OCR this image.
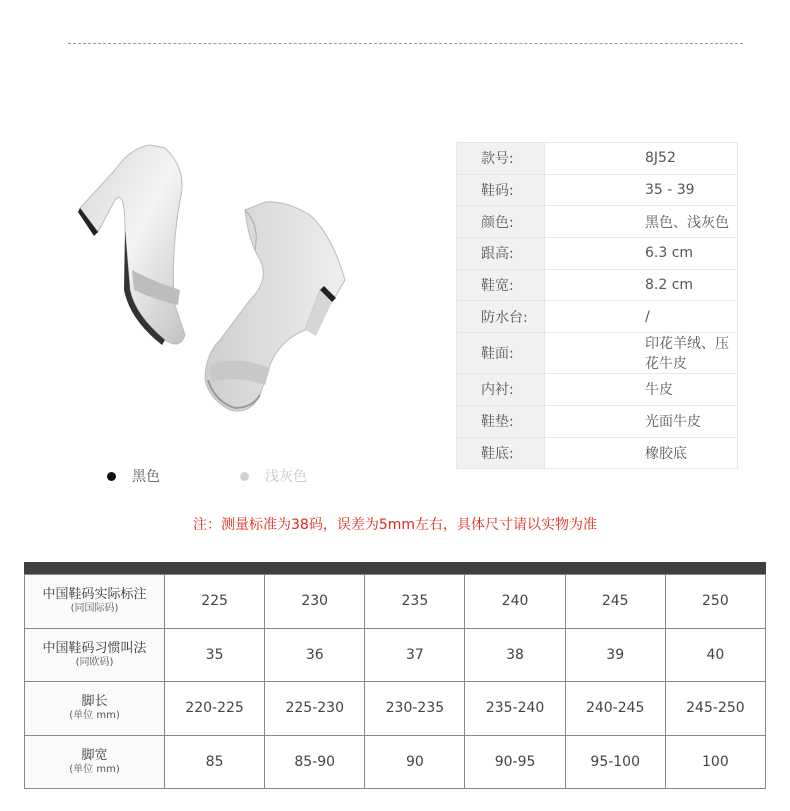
黑色	浅灰色
款号:	8J52
鞋码:	35 - 39
颜色:	黑色、浅灰色
跟高:	6.3 cm
鞋宽:	8.2 cm
防水台:	/
鞋面:	印花羊绒、压花牛皮
内衬:	牛皮
鞋垫:	光面牛皮
鞋底:	橡胶底
注：测量标准为38码，误差为5mm左右，具体尺寸请以实物为准
中国鞋码实际标注
(同国际码)	225	230	235	240	245	250

中国鞋码习惯叫法
(同欧码)	35	36	37	38	39	40

脚长
(单位 mm)	220-225	225-230	230-235	235-240	240-245	245-250

脚宽
(单位 mm)	85	85-90	90	90-95	95-100	100
